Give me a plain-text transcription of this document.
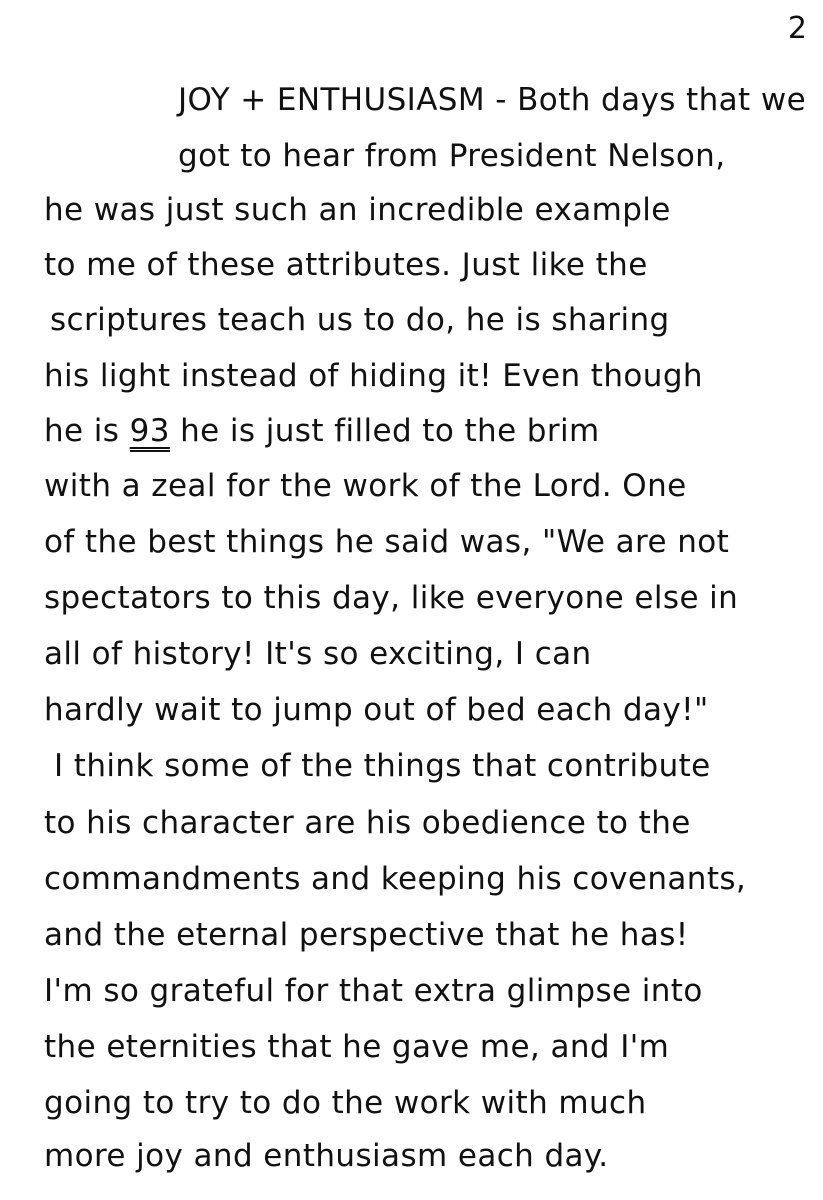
2
JOY + ENTHUSIASM - Both days that we
got to hear from President Nelson,
he was just such an incredible example
to me of these attributes. Just like the
scriptures teach us to do, he is sharing
his light instead of hiding it! Even though
he is 93 he is just filled to the brim
with a zeal for the work of the Lord. One
of the best things he said was, "We are not
spectators to this day, like everyone else in
all of history! It's so exciting, I can
hardly wait to jump out of bed each day!"
I think some of the things that contribute
to his character are his obedience to the
commandments and keeping his covenants,
and the eternal perspective that he has!
I'm so grateful for that extra glimpse into
the eternities that he gave me, and I'm
going to try to do the work with much
more joy and enthusiasm each day.
